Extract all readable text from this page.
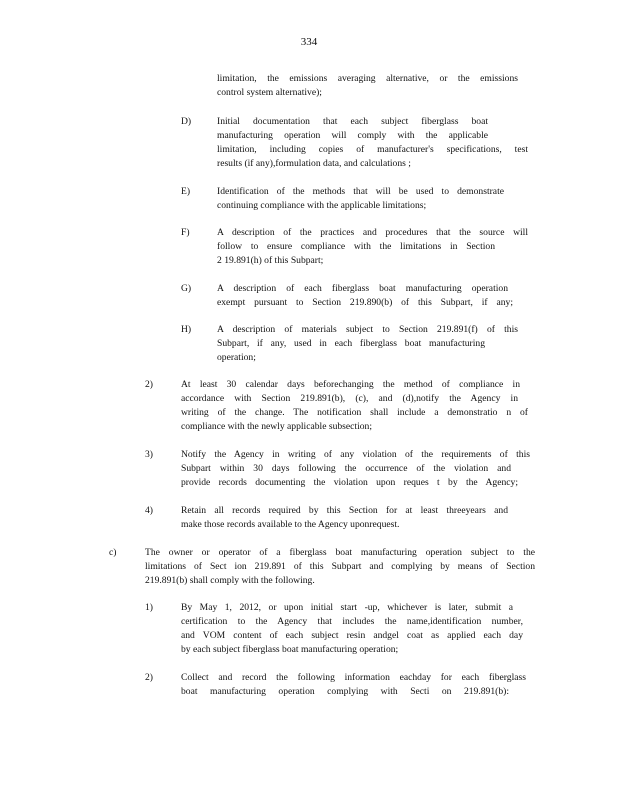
334
limitation, the emissions averaging alternative, or the emissions
control system alternative);
D)	Initial documentation that each subject fiberglass boat
manufacturing operation will comply with the applicable
limitation, including copies of manufacturer's specifications, test
results (if any),formulation data, and calculations ;
E)	Identification of the methods that will be used to demonstrate
continuing compliance with the applicable limitations;
F)	A description of the practices and procedures that the source will
follow to ensure compliance with the limitations in Section
2 19.891(h) of this Subpart;
G)	A description of each fiberglass boat manufacturing operation
exempt pursuant to Section 219.890(b) of this Subpart, if any;
H)	A description of materials subject to Section 219.891(f) of this
Subpart, if any, used in each fiberglass boat manufacturing
operation;
2)	At least 30 calendar days beforechanging the method of compliance in
accordance with Section 219.891(b), (c), and (d),notify the Agency in
writing of the change. The notification shall include a demonstratio n of
compliance with the newly applicable subsection;
3)	Notify the Agency in writing of any violation of the requirements of this
Subpart within 30 days following the occurrence of the violation and
provide records documenting the violation upon reques t by the Agency;
4)	Retain all records required by this Section for at least threeyears and
make those records available to the Agency uponrequest.
c)	The owner or operator of a fiberglass boat manufacturing operation subject to the
limitations of Sect ion 219.891 of this Subpart and complying by means of Section
219.891(b) shall comply with the following.
1)	By May 1, 2012, or upon initial start -up, whichever is later, submit a
certification to the Agency that includes the name,identification number,
and VOM content of each subject resin andgel coat as applied each day
by each subject fiberglass boat manufacturing operation;
2)	Collect and record the following information eachday for each fiberglass
boat manufacturing operation complying with Secti on 219.891(b):
